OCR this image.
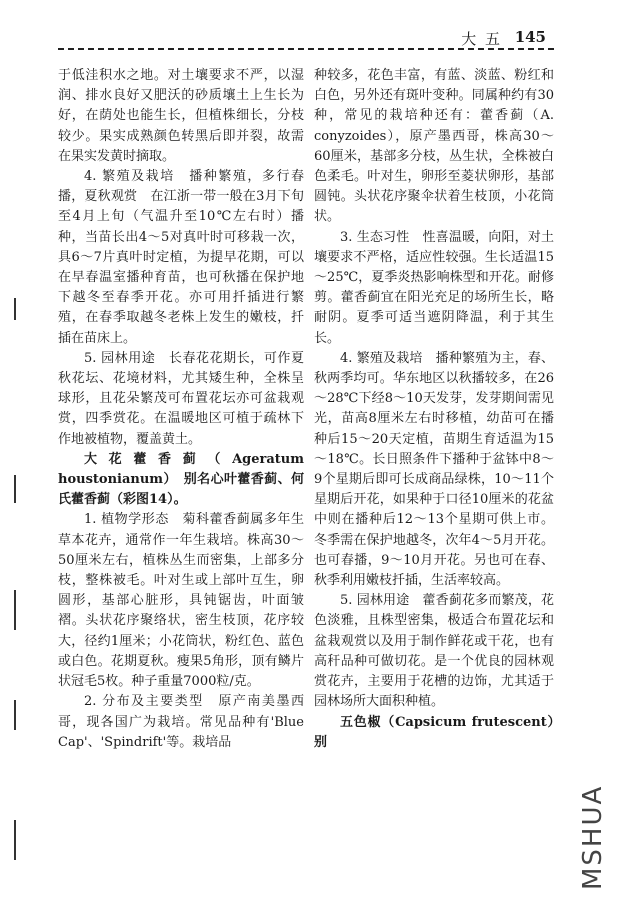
大 五 145

于低洼积水之地。对土壤要求不严，以湿润、排水良好又肥沃的砂质壤土上生长为好，在荫处也能生长，但植株细长，分枝较少。果实成熟颜色转黑后即并裂，故需在果实发黄时摘取。

4. 繁殖及栽培　播种繁殖，多行春播，夏秋观赏　在江浙一带一般在3月下旬至4月上旬（气温升至10℃左右时）播种，当苗长出4～5对真叶时可移栽一次，具6～7片真叶时定植，为提早花期，可以在早春温室播种育苗，也可秋播在保护地下越冬至春季开花。亦可用扦插进行繁殖，在春季取越冬老株上发生的嫩枝，扦插在苗床上。

5. 园林用途　长春花花期长，可作夏秋花坛、花境材料，尤其矮生种，全株呈球形，且花朵繁茂可布置花坛亦可盆栽观赏，四季赏花。在温暖地区可植于疏林下作地被植物，覆盖黄土。

大花藿香蓟（Ageratum houstonianum）　别名心叶藿香蓟、何氏藿香蓟（彩图14）。

1. 植物学形态　菊科藿香蓟属多年生草本花卉，通常作一年生栽培。株高30～50厘米左右，植株丛生而密集，上部多分枝，整株被毛。叶对生或上部叶互生，卵圆形，基部心脏形，具钝锯齿，叶面皱褶。头状花序聚络状，密生枝顶，花序较大，径约1厘米；小花筒状，粉红色、蓝色或白色。花期夏秋。瘦果5角形，顶有鳞片状冠毛5枚。种子重量7000粒/克。

2. 分布及主要类型　原产南美墨西哥，现各国广为栽培。常见品种有'Blue Cap'、'Spindrift'等。栽培品

种较多，花色丰富，有蓝、淡蓝、粉红和白色，另外还有斑叶变种。同属种约有30种，常见的栽培种还有：藿香蓟（A. conyzoides），原产墨西哥，株高30～60厘米，基部多分枝，丛生状，全株被白色柔毛。叶对生，卵形至菱状卵形，基部圆钝。头状花序聚伞状着生枝顶，小花筒状。

3. 生态习性　性喜温暖，向阳，对土壤要求不严格，适应性较强。生长适温15～25℃，夏季炎热影响株型和开花。耐修剪。藿香蓟宜在阳光充足的场所生长，略耐阴。夏季可适当遮阴降温，利于其生长。

4. 繁殖及栽培　播种繁殖为主，春、秋两季均可。华东地区以秋播较多，在26～28℃下经8～10天发芽，发芽期间需见光，苗高8厘米左右时移植，幼苗可在播种后15～20天定植，苗期生育适温为15～18℃。长日照条件下播种于盆钵中8～9个星期后即可长成商品绿株，10～11个星期后开花，如果种于口径10厘米的花盆中则在播种后12～13个星期可供上市。冬季需在保护地越冬，次年4～5月开花。也可春播，9～10月开花。另也可在春、秋季利用嫩枝扦插，生活率较高。

5. 园林用途　藿香蓟花多而繁茂，花色淡雅，且株型密集，极适合布置花坛和盆栽观赏以及用于制作鲜花或干花，也有高秆品种可做切花。是一个优良的园林观赏花卉，主要用于花槽的边饰，尤其适于园林场所大面积种植。

五色椒（Capsicum frutescent）　别

MSHUA
